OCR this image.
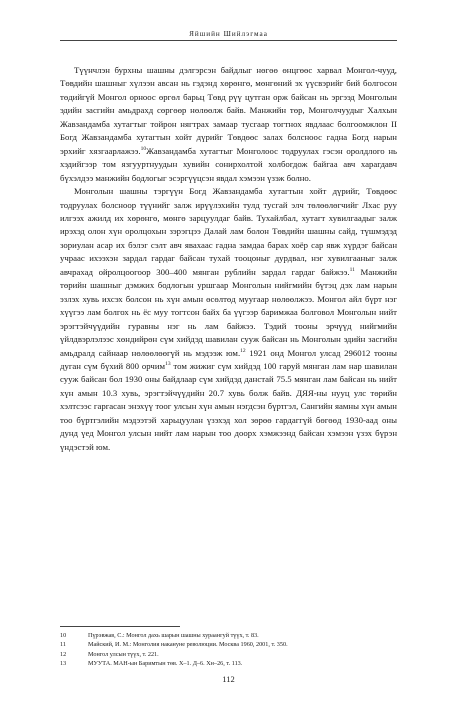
Яйшийн Шийлэгмаа

Түүнчлэн бурхны шашны дэлгэрсэн байдлыг нөгөө өнцгөөс харвал Монгол-чууд, Төвдийн шашныг хүлээн авсан нь гэдэнд хөрөнгө, мөнгөний эх үүсвэрийг бий болгосон төдийгүй Монгол орноос өргөл барьц Төвд рүү цутган орж байсан нь эргээд Монголын эдийн засгийн амьдрахд сөргөөр нөлөөлж байв. Манжийн төр, Монголчуудыг Халхын Жавзандамба хутагтыг тойрон нягтрах замаар тусгаар тогтнох явдлаас болгоомжлон II Богд Жавзандамба хутагтын хойт дүрийг Төвдөөс залах болсноос гадна Богд нарын эрхийг хязгаарлажээ.$^{10}$Жавзандамба хутагтыг Монголоос тодруулах гэсэн оролдлого нь хэдийгээр том язгууртнуудын хувийн сонирхолтой холбогдож байгаа авч харагдавч бүхэлдээ манжийн бодлогыг эсэргүүцсэн явдал хэмээн үзэж болно.

Монголын шашны тэргүүн Богд Жавзандамба хутагтын хойт дүрийг, Төвдөөс тодруулах болсноор түүнийг залж ирүүлэхийн тулд тусгай элч төлөөлөгчийг Лхас руу илгээх ажилд их хөрөнгө, мөнгө зарцуулдаг байв. Тухайлбал, хутагт хувилгаадыг залж ирэхэд олон хүн оролцохын зэрэгцээ Далай лам болон Төвдийн шашны сайд, түшмэдэд зориулан асар их бэлэг сэлт авч явахаас гадна замдаа барах хоёр сар явж хүрдэг байсан учраас ихээхэн зардал гардаг байсан тухай тооцоныг дурдвал, нэг хувилгааныг залж авчрахад ойролцоогоор 300–400 мянган рублийн зардал гардаг байжээ.$^{11}$ Манжийн төрийн шашныг дэмжих бодлогын уршгаар Монголын нийгмийн бүтэц дэх лам нарын эзлэх хувь ихсэх болсон нь хүн амын өсөлтөд муугаар нөлөөлжээ. Монгол айл бүрт нэг хүүгээ лам болгох нь ёс муу тогтсон байх ба үүгээр баримжаа болговол Монголын нийт эрэгтэйчүүдийн гуравны нэг нь лам байжээ. Тэдий тооны эрчүүд нийгмийн үйлдвэрлэлээс хөндийрөн сүм хийдэд шавилан сууж байсан нь Монголын эдийн засгийн амьдралд сайнаар нөлөөлөөгүй нь мэдээж юм.$^{12}$ 1921 онд Монгол улсад 296012 тооны дуган сүм бүхий 800 орчим$^{13}$ том жижиг сүм хийдэд 100 гаруй мянган лам нар шавилан сууж байсан бол 1930 оны байдлаар сүм хийдэд данстай 75.5 мянган лам байсан нь нийт хүн амын 10.3 хувь, эрэгтэйчүүдийн 20.7 хувь болж байв. ДЯЯ-ны нууц улс төрийн хэлтсээс гаргасан энэхүү тоог улсын хүн амын нэгдсэн бүртгэл, Сангийн яамны хүн амын тоо бүртгэлийн мэдээтэй харьцуулан үзэхэд хол зөрөө гардаггүй бөгөөд 1930-аад оны дунд үед Монгол улсын нийт лам нарын тоо доорх хэмжээнд байсан хэмээн үзэх бүрэн үндэстэй юм.

10	Пүрэвжав, С.: Монгол дахь шарын шашны хураангуй түүх, т. 83.
11	Майский, И. М.: Монголия накануне революции. Москва 1960, 2001, т. 350.
12	Монгол улсын түүх, т. 221.
13	МУУТА. МАН-ын Баримтын төв. Х–1. Д–6. Хн–26, т. 113.
112
